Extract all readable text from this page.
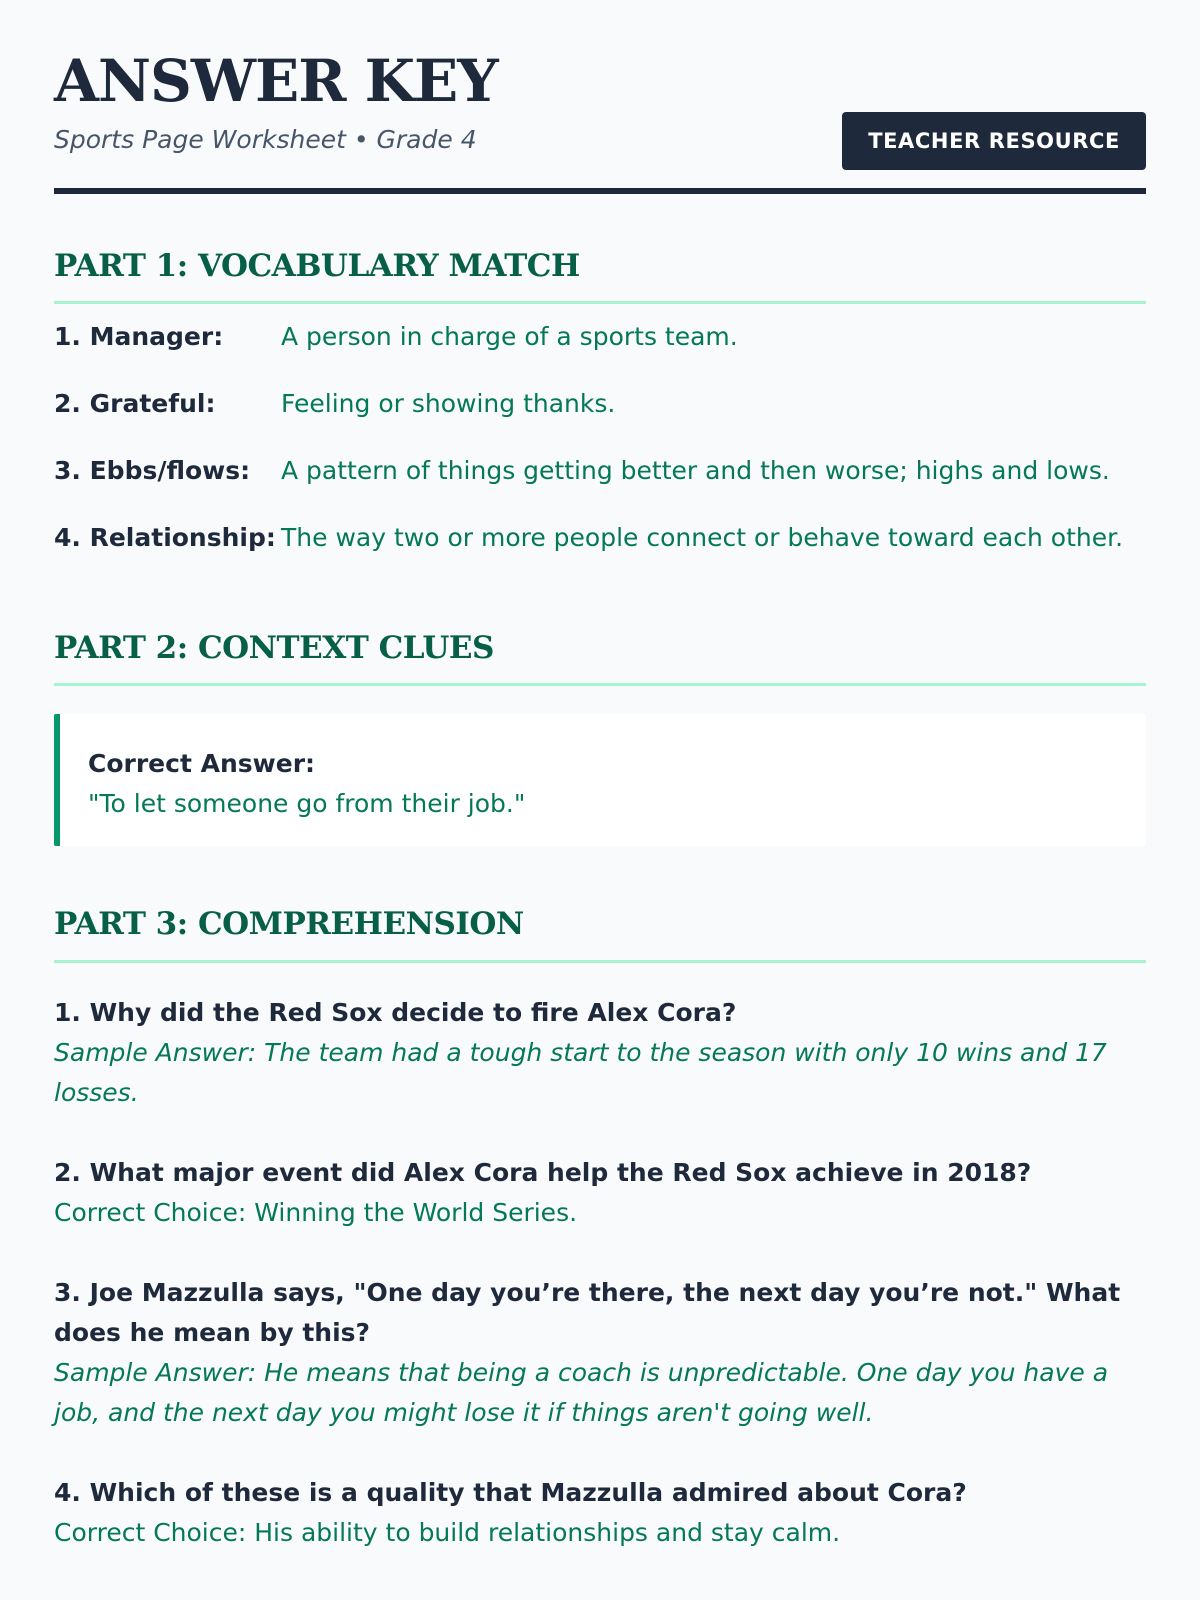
ANSWER KEY
Sports Page Worksheet • Grade 4	TEACHER RESOURCE
PART 1: VOCABULARY MATCH
1. Manager:	A person in charge of a sports team.
2. Grateful:	Feeling or showing thanks.
3. Ebbs/flows:	A pattern of things getting better and then worse; highs and lows.
4. Relationship: The way two or more people connect or behave toward each other.
PART 2: CONTEXT CLUES
Correct Answer:
"To let someone go from their job."
PART 3: COMPREHENSION
1. Why did the Red Sox decide to fire Alex Cora?
Sample Answer: The team had a tough start to the season with only 10 wins and 17 losses.
2. What major event did Alex Cora help the Red Sox achieve in 2018?
Correct Choice: Winning the World Series.
3. Joe Mazzulla says, "One day you’re there, the next day you’re not." What does he mean by this?
Sample Answer: He means that being a coach is unpredictable. One day you have a job, and the next day you might lose it if things aren't going well.
4. Which of these is a quality that Mazzulla admired about Cora?
Correct Choice: His ability to build relationships and stay calm.
